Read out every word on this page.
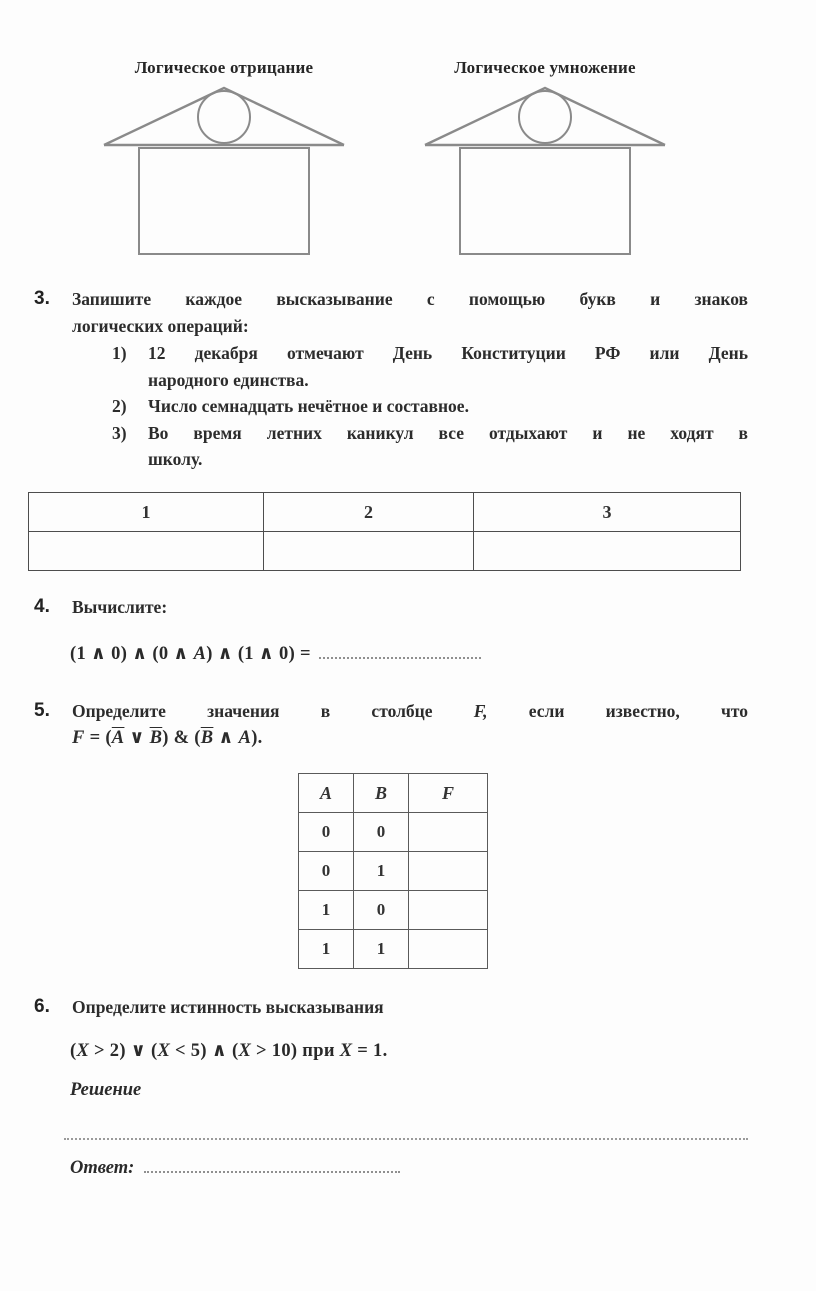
Логическое отрицание	Логическое умножение
3.	Запишите каждое высказывание с помощью букв и знаков
логических операций:
1)	12 декабря отмечают День Конституции РФ или День
народного единства.
2)	Число семнадцать нечётное и составное.
3)	Во время летних каникул все отдыхают и не ходят в
школу.
1	2	3

4.	Вычислите:
(1 ∧ 0) ∧ (0 ∧ A) ∧ (1 ∧ 0) =
5.	Определите значения в столбце F, если известно, что
$F = (\overline{A}$ ∨ $\overline{B}$) & ($\overline{B}$ ∧ A).
A	B	F
0	0	
0	1	
1	0	
1	1	
6.	Определите истинность высказывания
(X > 2) ∨ (X < 5) ∧ (X > 10) при X = 1.
Решение
Ответ:
